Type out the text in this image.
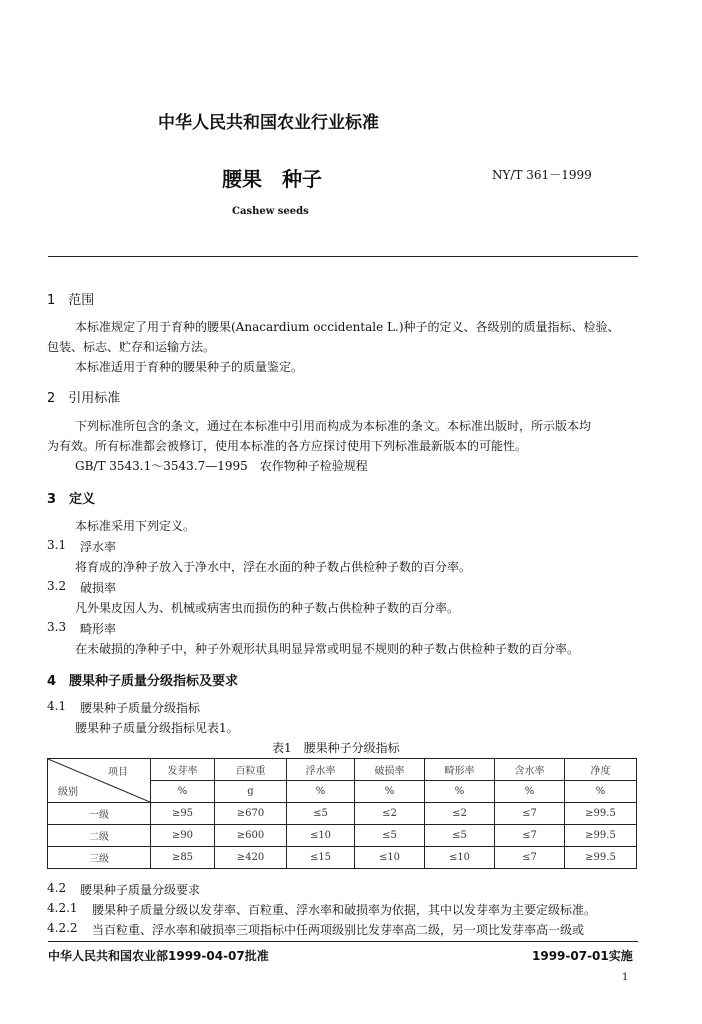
中华人民共和国农业行业标准
腰果　种子	NY/T 361－1999
Cashew seeds
1　范围
本标准规定了用于育种的腰果(Anacardium occidentale L.)种子的定义、各级别的质量指标、检验、
包装、标志、贮存和运输方法。
本标准适用于育种的腰果种子的质量鉴定。
2　引用标准
下列标准所包含的条文，通过在本标准中引用而构成为本标准的条文。本标准出版时，所示版本均
为有效。所有标准都会被修订，使用本标准的各方应探讨使用下列标准最新版本的可能性。
GB/T 3543.1～3543.7—1995　农作物种子检验规程
3　定义
本标准采用下列定义。
3.1 浮水率
将育成的净种子放入于净水中，浮在水面的种子数占供检种子数的百分率。
3.2 破损率
凡外果皮因人为、机械或病害虫而损伤的种子数占供检种子数的百分率。
3.3 畸形率
在未破损的净种子中，种子外观形状具明显异常或明显不规则的种子数占供检种子数的百分率。
4　腰果种子质量分级指标及要求
4.1 腰果种子质量分级指标
腰果种子质量分级指标见表1。
表1　腰果种子分级指标
项目
级别	发芽率	百粒重	浮水率	破损率	畸形率	含水率	净度
	%	g	%	%	%	%	%
一级	≥95	≥670	≤5	≤2	≤2	≤7	≥99.5
二级	≥90	≥600	≤10	≤5	≤5	≤7	≥99.5
三级	≥85	≥420	≤15	≤10	≤10	≤7	≥99.5
4.2 腰果种子质量分级要求
4.2.1 腰果种子质量分级以发芽率、百粒重、浮水率和破损率为依据，其中以发芽率为主要定级标准。
4.2.2 当百粒重、浮水率和破损率三项指标中任两项级别比发芽率高二级，另一项比发芽率高一级或
中华人民共和国农业部1999-04-07批准	1999-07-01实施
1
